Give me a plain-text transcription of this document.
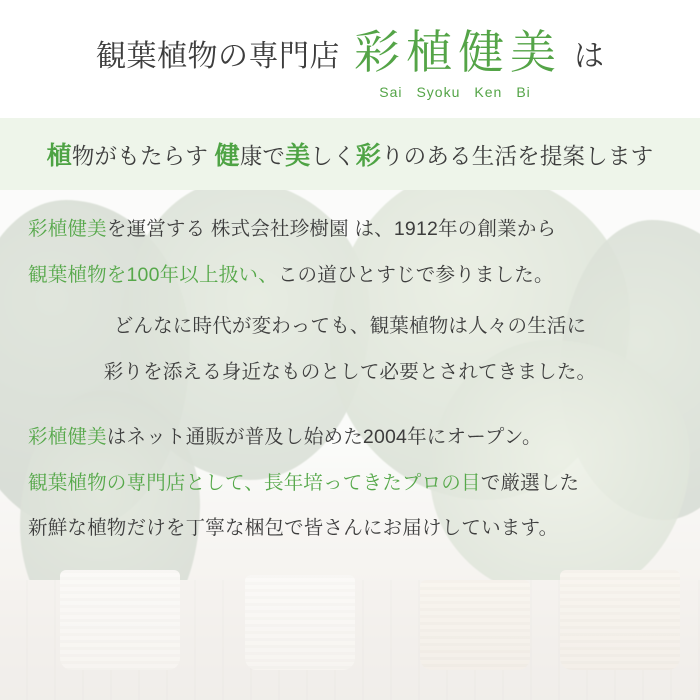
観葉植物の専門店 彩植健美
Sai Syoku Ken Bi
は
植物がもたらす 健康で美しく彩りのある生活を提案します
彩植健美を運営する 株式会社珍樹園 は、1912年の創業から
観葉植物を100年以上扱い、この道ひとすじで参りました。
どんなに時代が変わっても、観葉植物は人々の生活に
彩りを添える身近なものとして必要とされてきました。
彩植健美はネット通販が普及し始めた2004年にオープン。
観葉植物の専門店として、長年培ってきたプロの目で厳選した
新鮮な植物だけを丁寧な梱包で皆さんにお届けしています。
